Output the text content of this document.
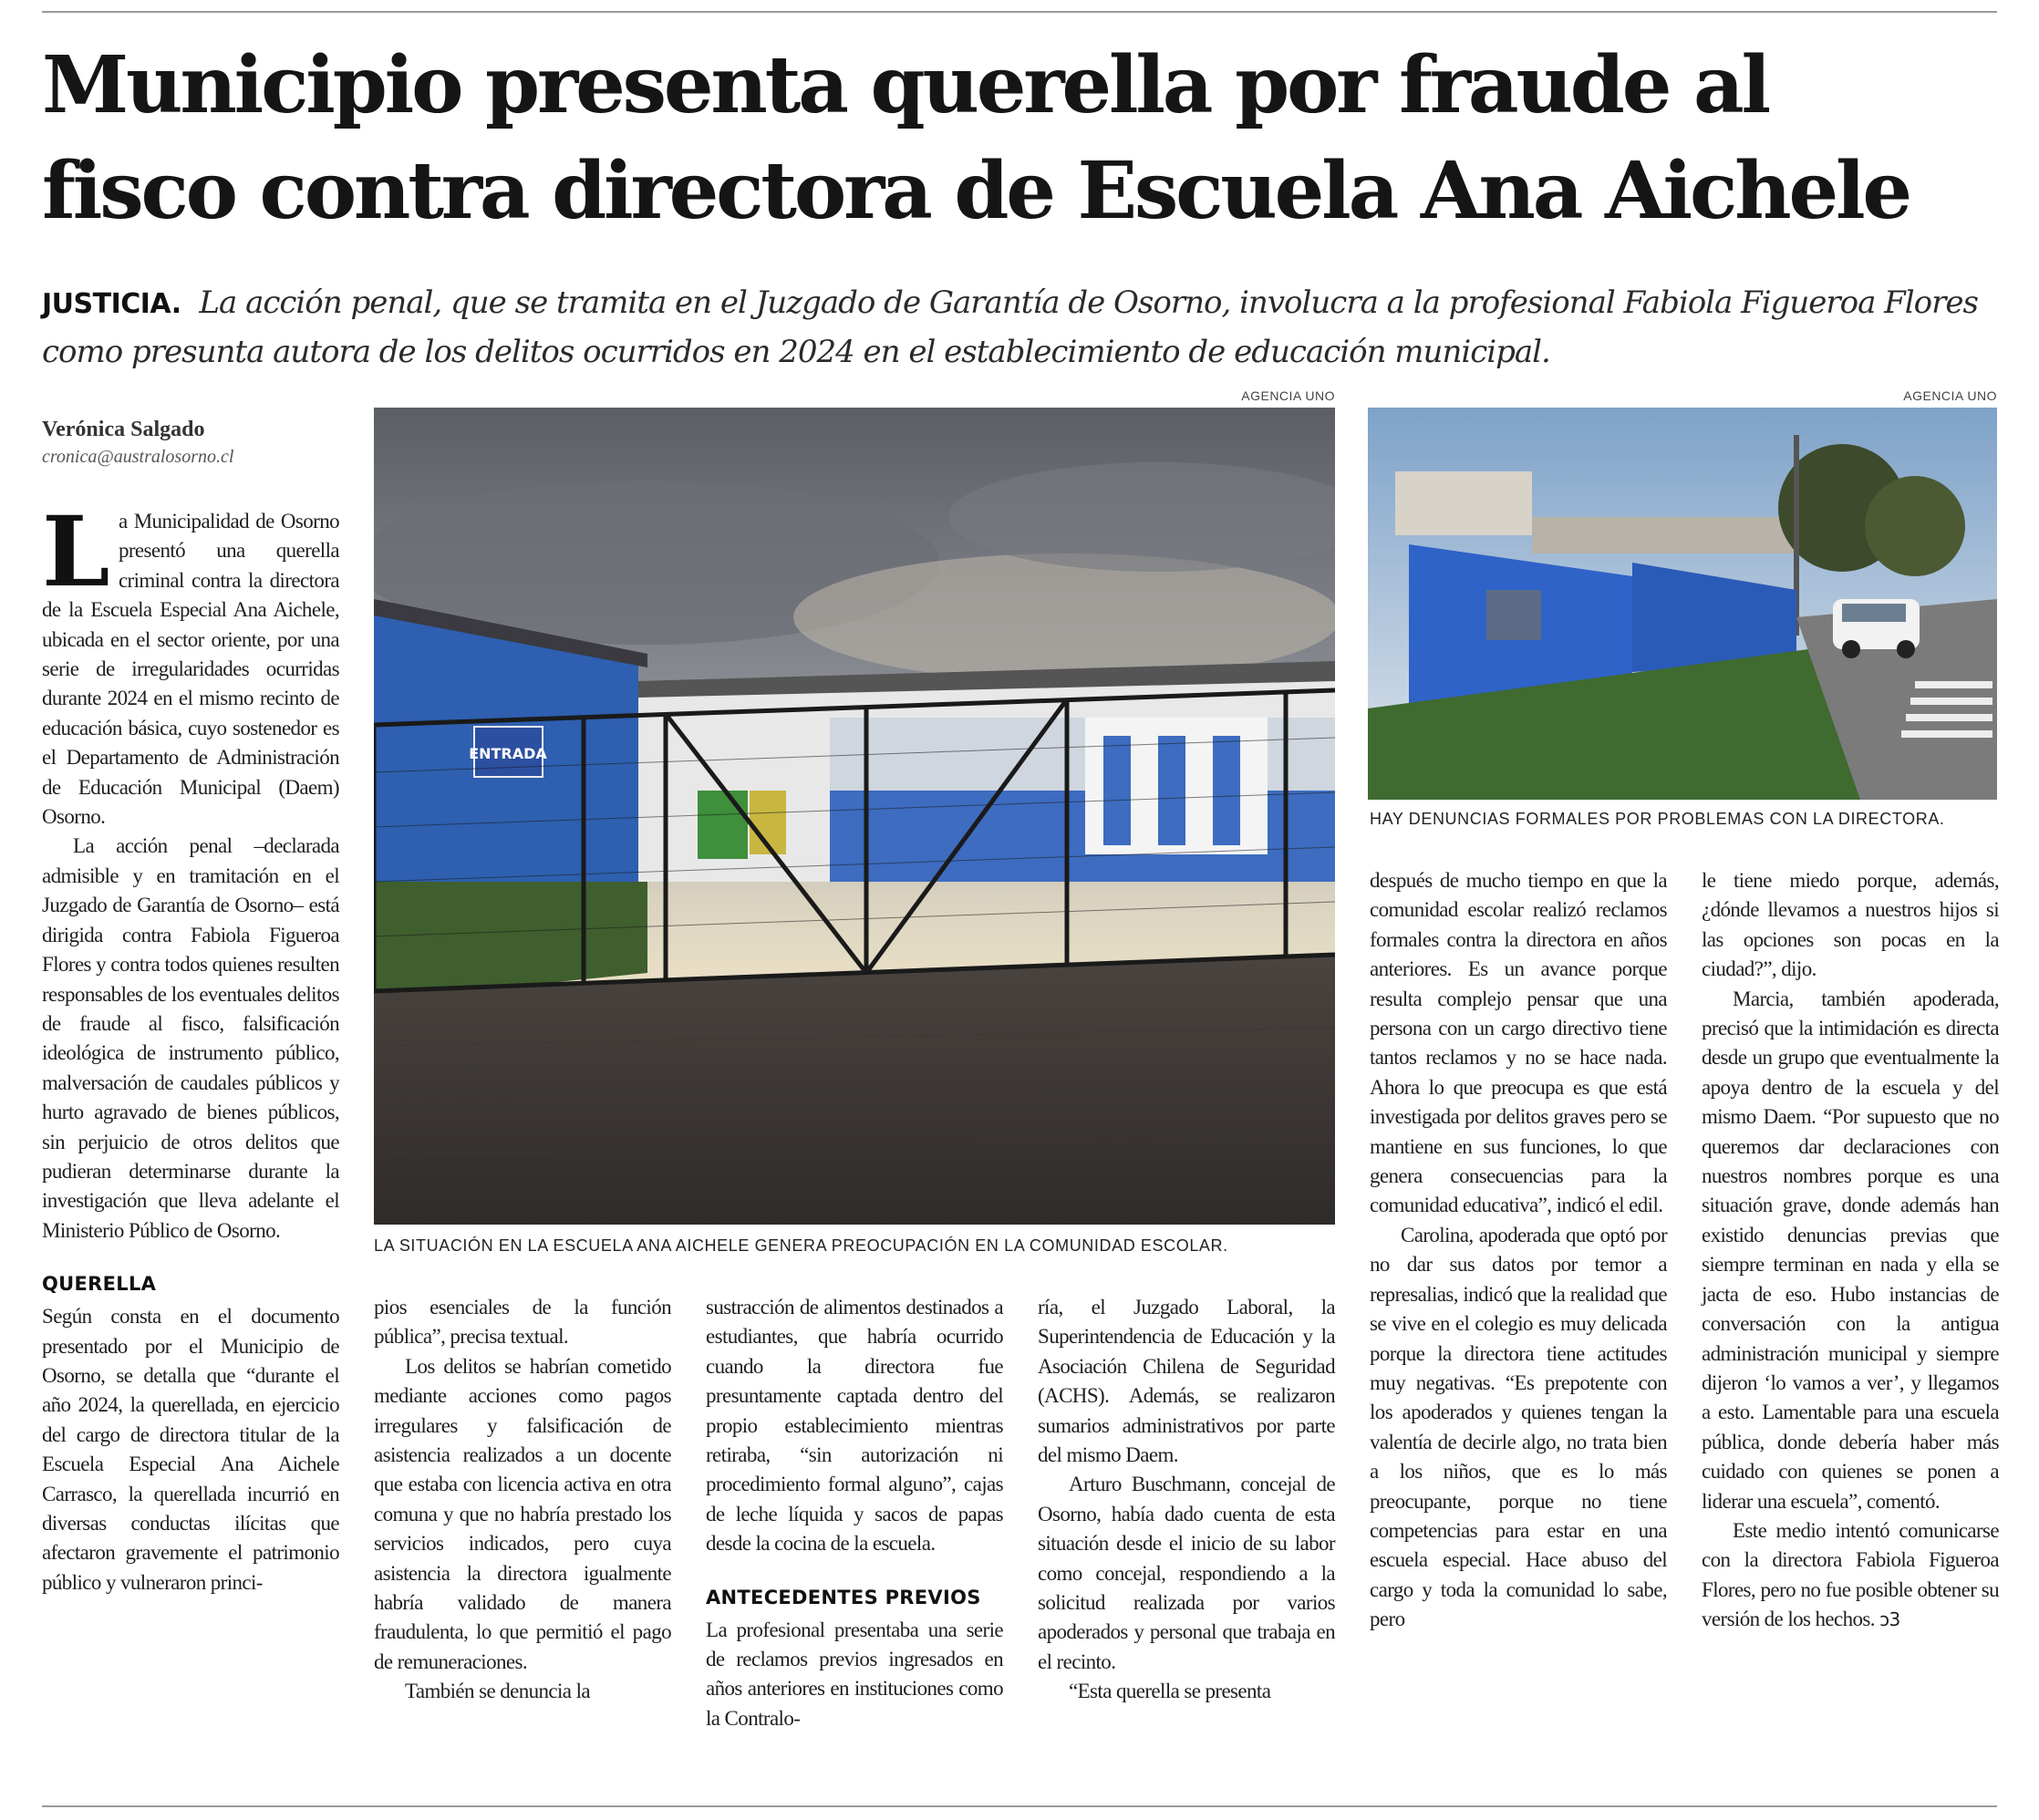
Municipio presenta querella por fraude al
fisco contra directora de Escuela Ana Aichele

JUSTICIA. La acción penal, que se tramita en el Juzgado de Garantía de Osorno, involucra a la profesional Fabiola Figueroa Flores como presunta autora de los delitos ocurridos en 2024 en el establecimiento de educación municipal.

Verónica Salgado
cronica@australosorno.cl
AGENCIA UNO
ENTRADA
LA SITUACIÓN EN LA ESCUELA ANA AICHELE GENERA PREOCUPACIÓN EN LA COMUNIDAD ESCOLAR.
AGENCIA UNO
HAY DENUNCIAS FORMALES POR PROBLEMAS CON LA DIRECTORA.

La Municipalidad de Osorno presentó una querella criminal contra la directora de la Escuela Especial Ana Aichele, ubicada en el sector oriente, por una serie de irregularidades ocurridas durante 2024 en el mismo recinto de educación básica, cuyo sostenedor es el Departamento de Administración de Educación Municipal (Daem) Osorno.

La acción penal –declarada admisible y en tramitación en el Juzgado de Garantía de Osorno– está dirigida contra Fabiola Figueroa Flores y contra todos quienes resulten responsables de los eventuales delitos de fraude al fisco, falsificación ideológica de instrumento público, malversación de caudales públicos y hurto agravado de bienes públicos, sin perjuicio de otros delitos que pudieran determinarse durante la investigación que lleva adelante el Ministerio Público de Osorno.

QUERELLA

Según consta en el documento presentado por el Municipio de Osorno, se detalla que “durante el año 2024, la querellada, en ejercicio del cargo de directora titular de la Escuela Especial Ana Aichele Carrasco, la querellada incurrió en diversas conductas ilícitas que afectaron gravemente el patrimonio público y vulneraron princi-

pios esenciales de la función pública”, precisa textual.

Los delitos se habrían cometido mediante acciones como pagos irregulares y falsificación de asistencia realizados a un docente que estaba con licencia activa en otra comuna y que no habría prestado los servicios indicados, pero cuya asistencia la directora igualmente habría validado de manera fraudulenta, lo que permitió el pago de remuneraciones.

También se denuncia la

sustracción de alimentos destinados a estudiantes, que habría ocurrido cuando la directora fue presuntamente captada dentro del propio establecimiento mientras retiraba, “sin autorización ni procedimiento formal alguno”, cajas de leche líquida y sacos de papas desde la cocina de la escuela.

ANTECEDENTES PREVIOS

La profesional presentaba una serie de reclamos previos ingresados en años anteriores en instituciones como la Contralo-

ría, el Juzgado Laboral, la Superintendencia de Educación y la Asociación Chilena de Seguridad (ACHS). Además, se realizaron sumarios administrativos por parte del mismo Daem.

Arturo Buschmann, concejal de Osorno, había dado cuenta de esta situación desde el inicio de su labor como concejal, respondiendo a la solicitud realizada por varios apoderados y personal que trabaja en el recinto.

“Esta querella se presenta

después de mucho tiempo en que la comunidad escolar realizó reclamos formales contra la directora en años anteriores. Es un avance porque resulta complejo pensar que una persona con un cargo directivo tiene tantos reclamos y no se hace nada. Ahora lo que preocupa es que está investigada por delitos graves pero se mantiene en sus funciones, lo que genera consecuencias para la comunidad educativa”, indicó el edil.

Carolina, apoderada que optó por no dar sus datos por temor a represalias, indicó que la realidad que se vive en el colegio es muy delicada porque la directora tiene actitudes muy negativas. “Es prepotente con los apoderados y quienes tengan la valentía de decirle algo, no trata bien a los niños, que es lo más preocupante, porque no tiene competencias para estar en una escuela especial. Hace abuso del cargo y toda la comunidad lo sabe, pero

le tiene miedo porque, además, ¿dónde llevamos a nuestros hijos si las opciones son pocas en la ciudad?”, dijo.

Marcia, también apoderada, precisó que la intimidación es directa desde un grupo que eventualmente la apoya dentro de la escuela y del mismo Daem. “Por supuesto que no queremos dar declaraciones con nuestros nombres porque es una situación grave, donde además han existido denuncias previas que siempre terminan en nada y ella se jacta de eso. Hubo instancias de conversación con la antigua administración municipal y siempre dijeron ‘lo vamos a ver’, y llegamos a esto. Lamentable para una escuela pública, donde debería haber más cuidado con quienes se ponen a liderar una escuela”, comentó.

Este medio intentó comunicarse con la directora Fabiola Figueroa Flores, pero no fue posible obtener su versión de los hechos. ↄ3
